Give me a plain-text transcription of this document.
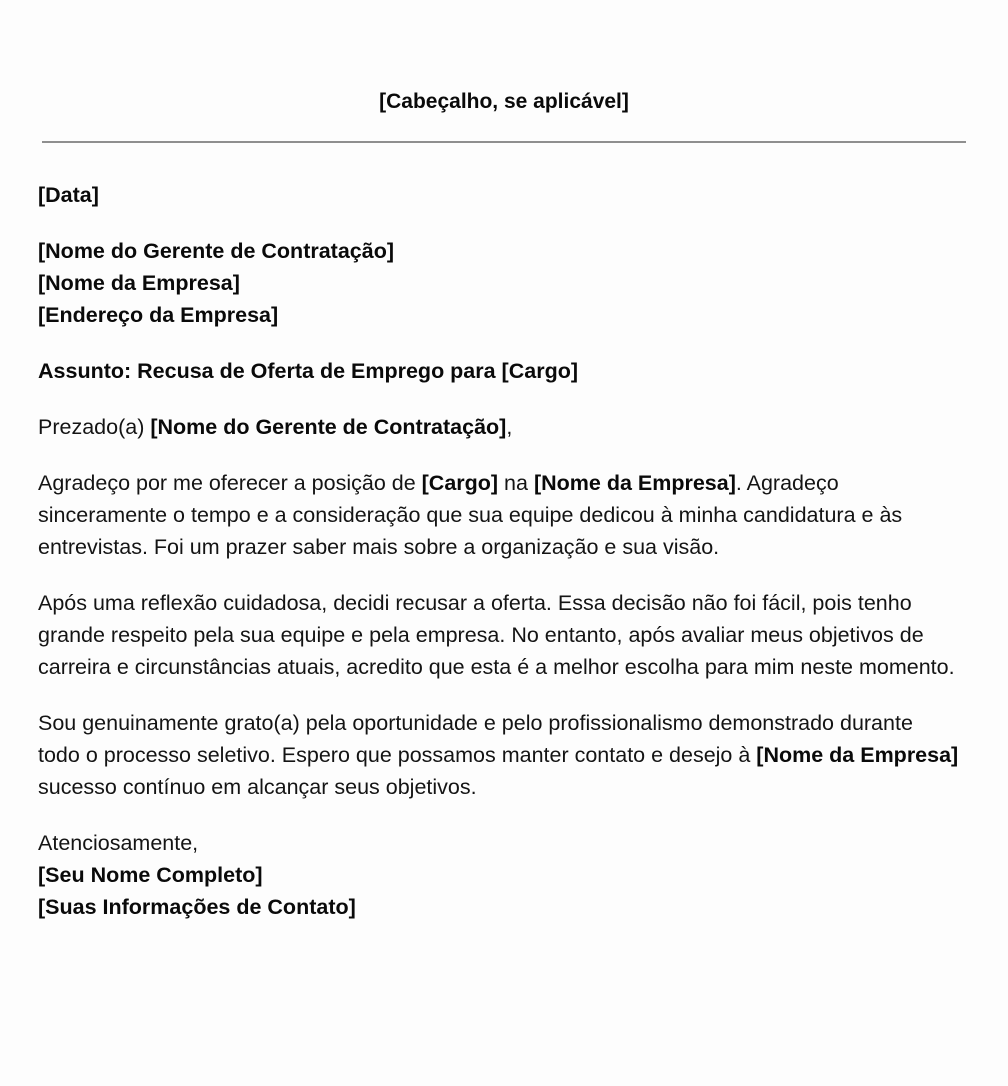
[Cabeçalho, se aplicável]
[Data]
[Nome do Gerente de Contratação]
[Nome da Empresa]
[Endereço da Empresa]
Assunto: Recusa de Oferta de Emprego para [Cargo]
Prezado(a) [Nome do Gerente de Contratação],
Agradeço por me oferecer a posição de [Cargo] na [Nome da Empresa]. Agradeço sinceramente o tempo e a consideração que sua equipe dedicou à minha candidatura e às entrevistas. Foi um prazer saber mais sobre a organização e sua visão.
Após uma reflexão cuidadosa, decidi recusar a oferta. Essa decisão não foi fácil, pois tenho grande respeito pela sua equipe e pela empresa. No entanto, após avaliar meus objetivos de carreira e circunstâncias atuais, acredito que esta é a melhor escolha para mim neste momento.
Sou genuinamente grato(a) pela oportunidade e pelo profissionalismo demonstrado durante todo o processo seletivo. Espero que possamos manter contato e desejo à [Nome da Empresa] sucesso contínuo em alcançar seus objetivos.
Atenciosamente,
[Seu Nome Completo]
[Suas Informações de Contato]
